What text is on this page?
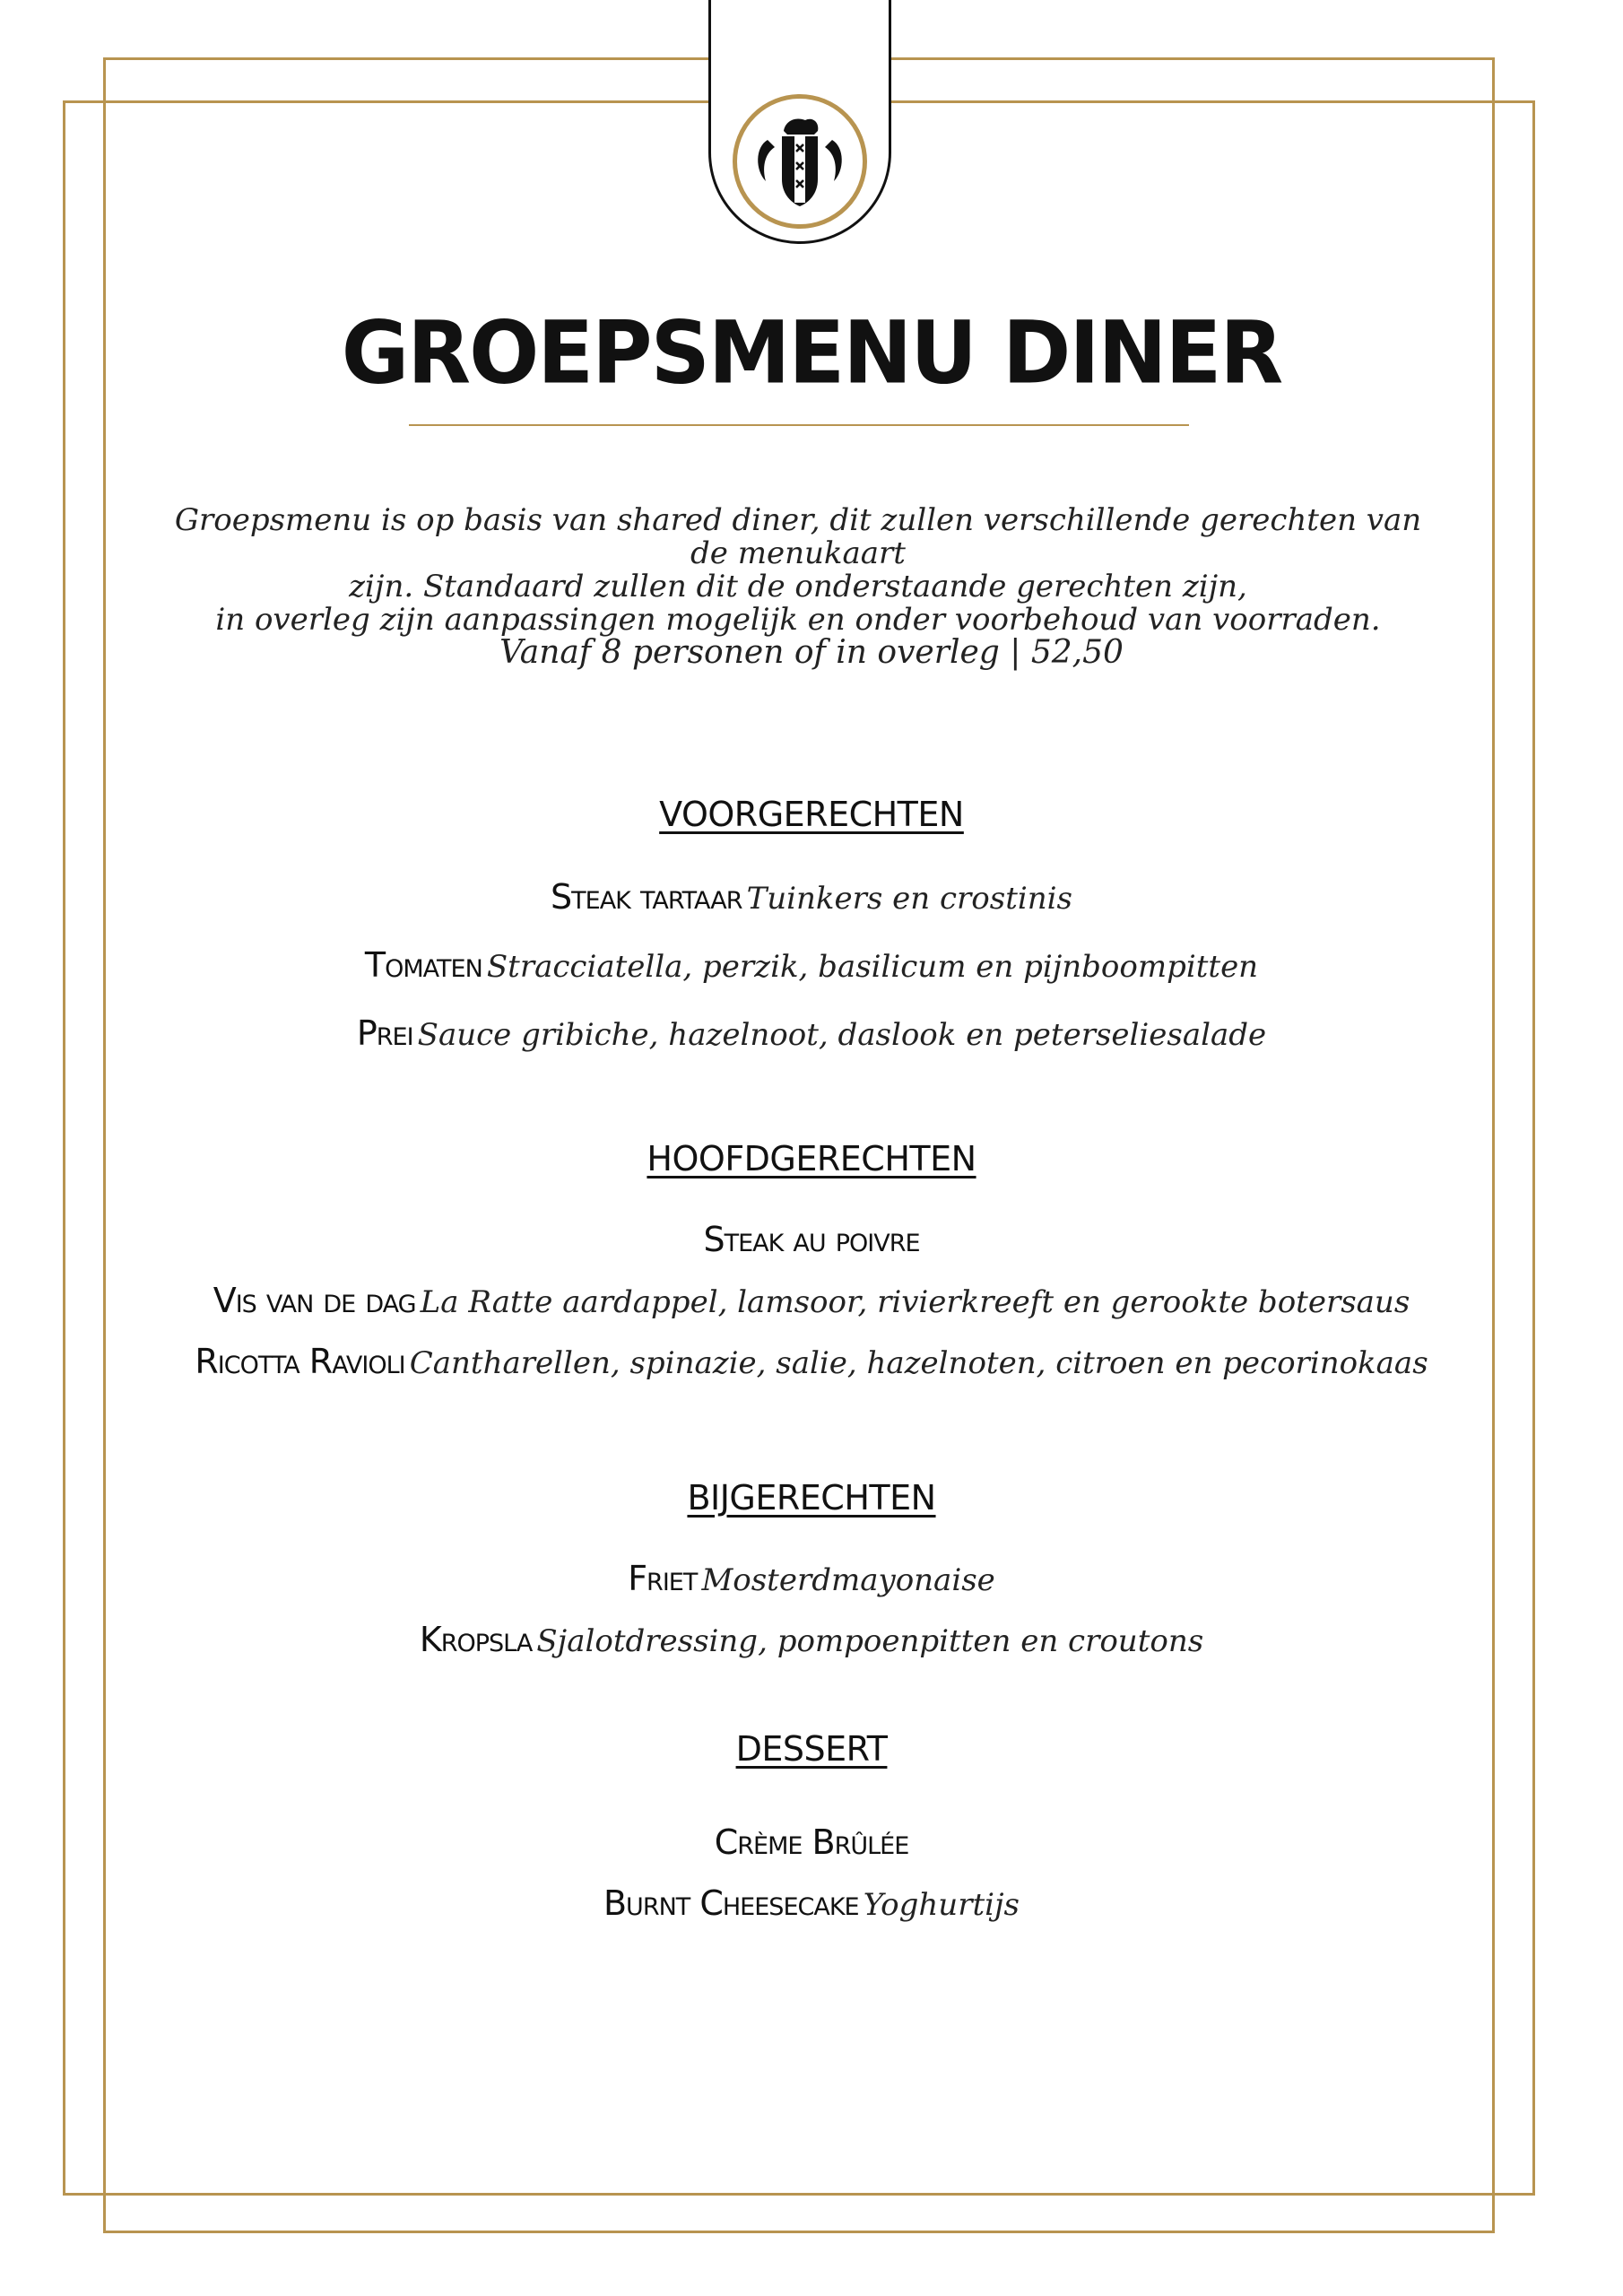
GROEPSMENU DINER
Groepsmenu is op basis van shared diner, dit zullen verschillende gerechten van de menukaart
zijn. Standaard zullen dit de onderstaande gerechten zijn,
in overleg zijn aanpassingen mogelijk en onder voorbehoud van voorraden.
Vanaf 8 personen of in overleg | 52,50
VOORGERECHTEN
Steak tartaar Tuinkers en crostinis
Tomaten Stracciatella, perzik, basilicum en pijnboompitten
Prei Sauce gribiche, hazelnoot, daslook en peterseliesalade
HOOFDGERECHTEN
Steak au poivre
Vis van de dag La Ratte aardappel, lamsoor, rivierkreeft en gerookte botersaus
Ricotta Ravioli Cantharellen, spinazie, salie, hazelnoten, citroen en pecorinokaas
BIJGERECHTEN
Friet Mosterdmayonaise
Kropsla Sjalotdressing, pompoenpitten en croutons
DESSERT
Crème Brûlée
Burnt Cheesecake Yoghurtijs
